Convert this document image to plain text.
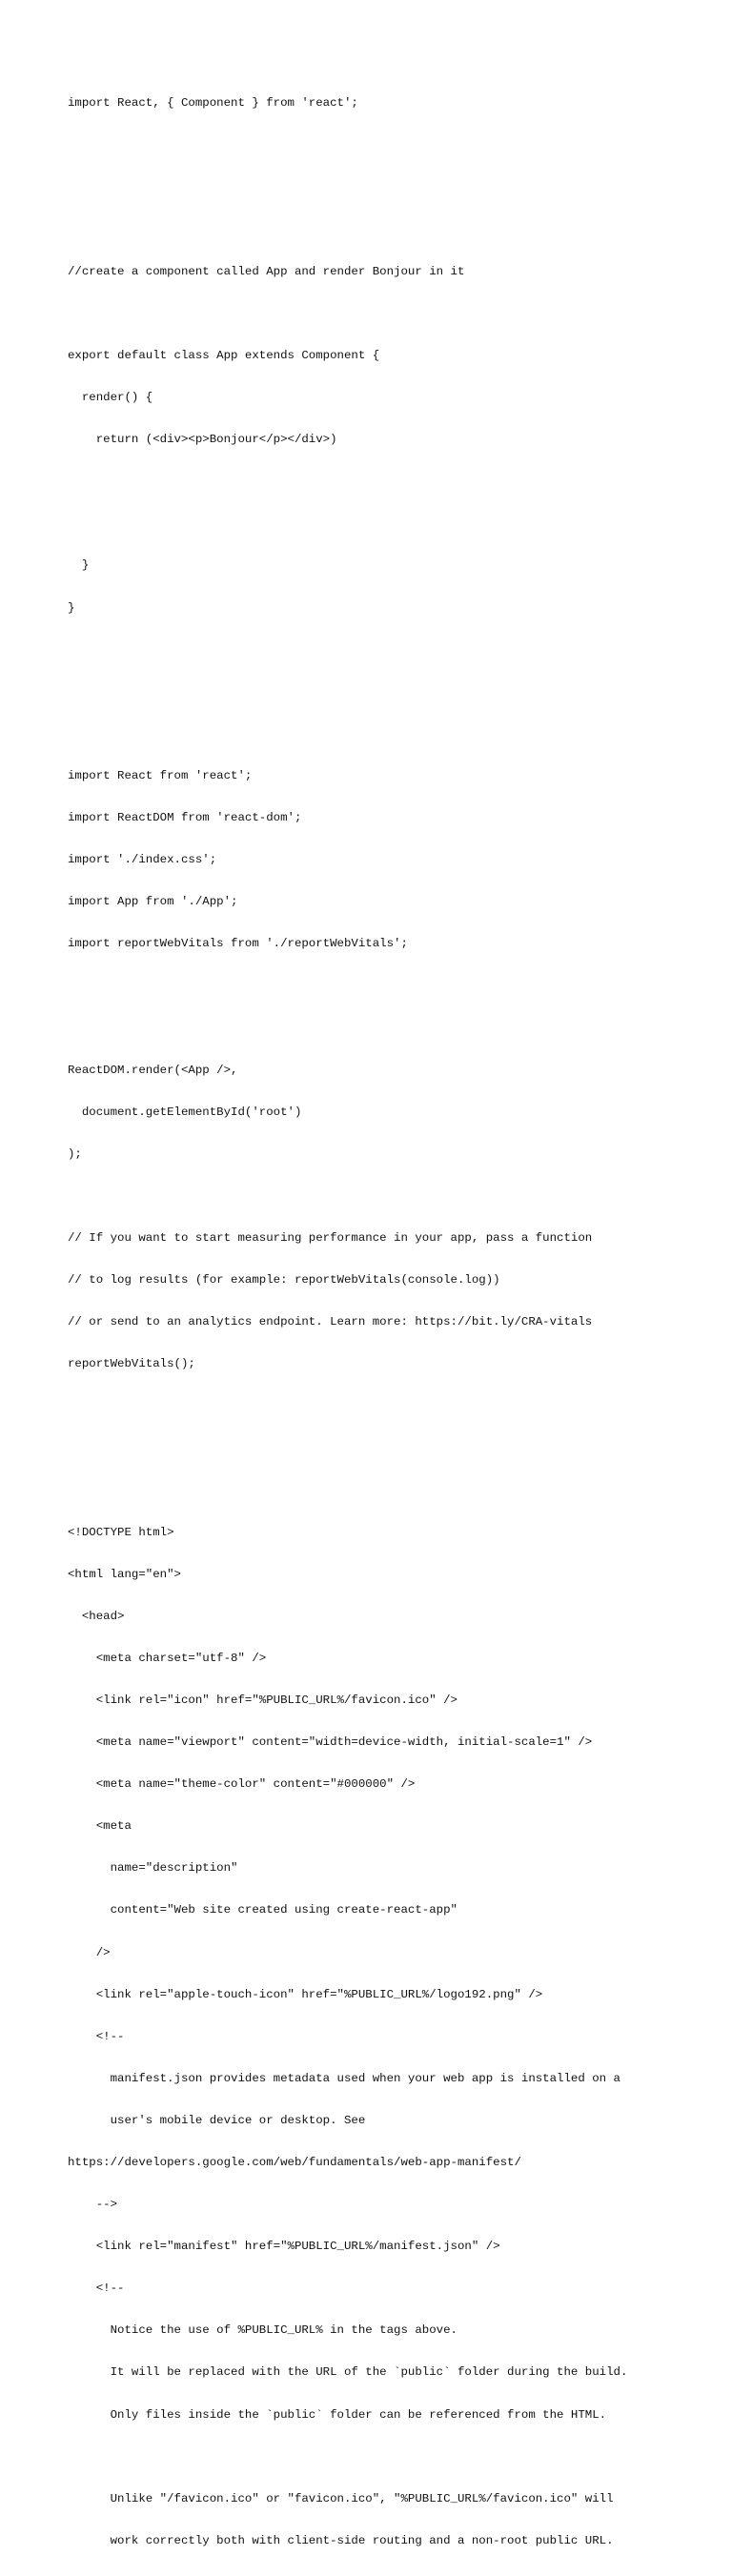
import React, { Component } from 'react';

//create a component called App and render Bonjour in it

export default class App extends Component {

render() {

return (<div><p>Bonjour</p></div>)

}

}

import React from 'react';

import ReactDOM from 'react-dom';

import './index.css';

import App from './App';

import reportWebVitals from './reportWebVitals';

ReactDOM.render(<App />,

document.getElementById('root')

);

// If you want to start measuring performance in your app, pass a function

// to log results (for example: reportWebVitals(console.log))

// or send to an analytics endpoint. Learn more: https://bit.ly/CRA-vitals

reportWebVitals();

<!DOCTYPE html>

<html lang="en">

<head>

<meta charset="utf-8" />

<link rel="icon" href="%PUBLIC_URL%/favicon.ico" />

<meta name="viewport" content="width=device-width, initial-scale=1" />

<meta name="theme-color" content="#000000" />

<meta

name="description"

content="Web site created using create-react-app"

/>

<link rel="apple-touch-icon" href="%PUBLIC_URL%/logo192.png" />

<!--

manifest.json provides metadata used when your web app is installed on a

user's mobile device or desktop. See

https://developers.google.com/web/fundamentals/web-app-manifest/

-->

<link rel="manifest" href="%PUBLIC_URL%/manifest.json" />

<!--

Notice the use of %PUBLIC_URL% in the tags above.

It will be replaced with the URL of the `public` folder during the build.

Only files inside the `public` folder can be referenced from the HTML.

Unlike "/favicon.ico" or "favicon.ico", "%PUBLIC_URL%/favicon.ico" will

work correctly both with client-side routing and a non-root public URL.
